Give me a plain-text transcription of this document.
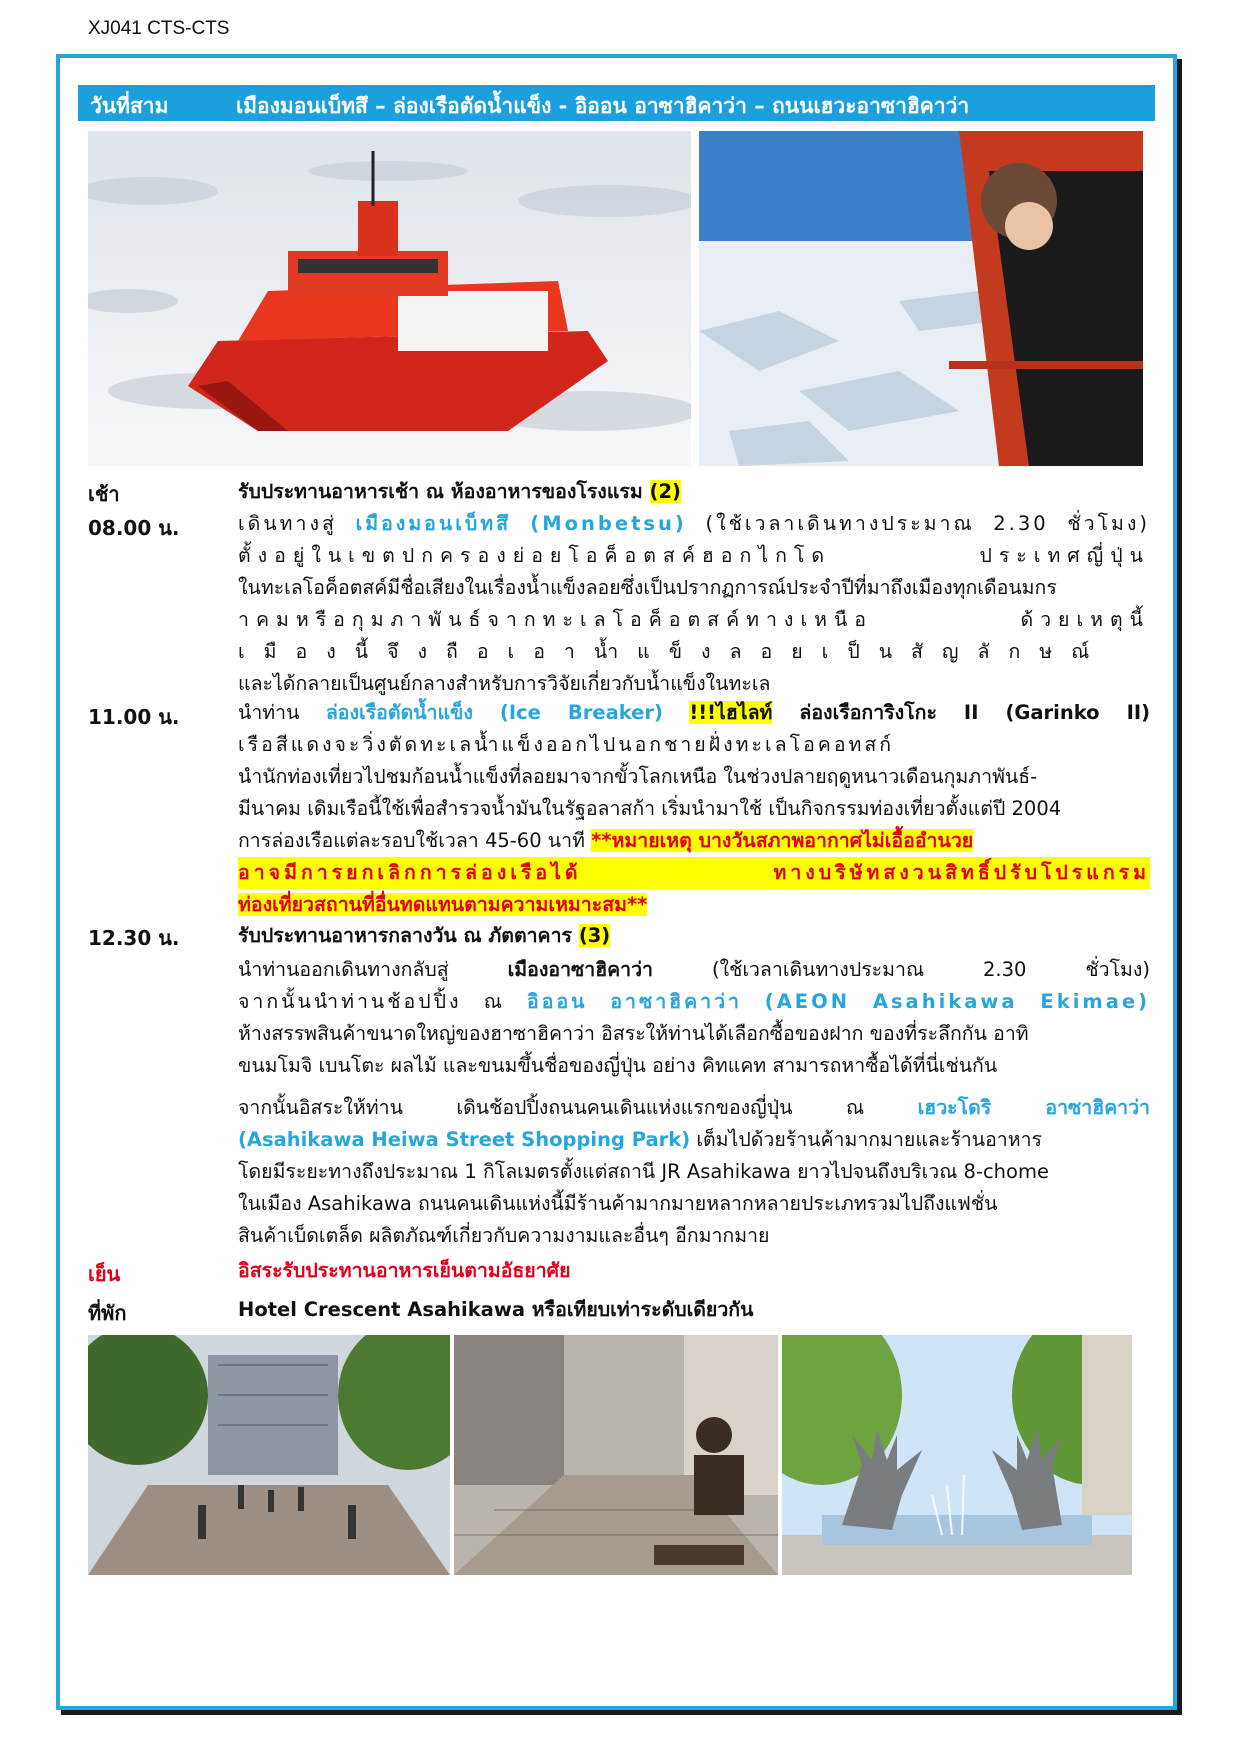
XJ041 CTS-CTS
วันที่สาม	เมืองมอนเบ็ทสึ – ล่องเรือตัดน้ำแข็ง - อิออน อาซาฮิคาว่า – ถนนเฮวะอาซาฮิคาว่า
เช้า	รับประทานอาหารเช้า ณ ห้องอาหารของโรงแรม (2)
08.00 น.	เดินทางสู่ เมืองมอนเบ็ทสึ (Monbetsu) (ใช้เวลาเดินทางประมาณ 2.30 ชั่วโมง)

ตั้งอยู่ในเขตปกครองย่อยโอค็อตสค์ฮอกไกโด ประเทศญี่ปุ่น

ในทะเลโอค็อตสค์มีชื่อเสียงในเรื่องน้ำแข็งลอยซึ่งเป็นปรากฏการณ์ประจำปีที่มาถึงเมืองทุกเดือนมกร

าคมหรือกุมภาพันธ์จากทะเลโอค็อตสค์ทางเหนือ ด้วยเหตุนี้

เมืองนี้จึงถือเอาน้ำแข็งลอยเป็นสัญลักษณ์

และได้กลายเป็นศูนย์กลางสำหรับการวิจัยเกี่ยวกับน้ำแข็งในทะเล

11.00 น.	นำท่าน ล่องเรือตัดน้ำแข็ง (Ice Breaker) !!!ไฮไลท์ ล่องเรือการิงโกะ II (Garinko II)

เรือสีแดงจะวิ่งตัดทะเลน้ำแข็งออกไปนอกชายฝั่งทะเลโอคอทสก์

นำนักท่องเที่ยวไปชมก้อนน้ำแข็งที่ลอยมาจากขั้วโลกเหนือ ในช่วงปลายฤดูหนาวเดือนกุมภาพันธ์-

มีนาคม เดิมเรือนี้ใช้เพื่อสำรวจน้ำมันในรัฐอลาสก้า เริ่มนำมาใช้ เป็นกิจกรรมท่องเที่ยวตั้งแต่ปี 2004

การล่องเรือแต่ละรอบใช้เวลา 45-60 นาที **หมายเหตุ บางวันสภาพอากาศไม่เอื้ออำนวย

อาจมีการยกเลิกการล่องเรือได้ ทางบริษัทสงวนสิทธิ์ปรับโปรแกรม

ท่องเที่ยวสถานที่อื่นทดแทนตามความเหมาะสม**

12.30 น.	รับประทานอาหารกลางวัน ณ ภัตตาคาร (3)

นำท่านออกเดินทางกลับสู่ เมืองอาซาฮิคาว่า (ใช้เวลาเดินทางประมาณ 2.30 ชั่วโมง)

จากนั้นนำท่านช้อปปิ้ง ณ อิออน อาซาฮิคาว่า (AEON Asahikawa Ekimae)

ห้างสรรพสินค้าขนาดใหญ่ของฮาซาฮิคาว่า อิสระให้ท่านได้เลือกซื้อของฝาก ของที่ระลึกกัน อาทิ

ขนมโมจิ เบนโตะ ผลไม้ และขนมขึ้นชื่อของญี่ปุ่น อย่าง คิทแคท สามารถหาซื้อได้ที่นี่เช่นกัน

จากนั้นอิสระให้ท่าน เดินช้อปปิ้งถนนคนเดินแห่งแรกของญี่ปุ่น ณ เฮวะโดริ อาซาฮิคาว่า

(Asahikawa Heiwa Street Shopping Park) เต็มไปด้วยร้านค้ามากมายและร้านอาหาร

โดยมีระยะทางถึงประมาณ 1 กิโลเมตรตั้งแต่สถานี JR Asahikawa ยาวไปจนถึงบริเวณ 8-chome

ในเมือง Asahikawa ถนนคนเดินแห่งนี้มีร้านค้ามากมายหลากหลายประเภทรวมไปถึงแฟชั่น

สินค้าเบ็ดเตล็ด ผลิตภัณฑ์เกี่ยวกับความงามและอื่นๆ อีกมากมาย

เย็น	อิสระรับประทานอาหารเย็นตามอัธยาศัย
ที่พัก	Hotel Crescent Asahikawa หรือเทียบเท่าระดับเดียวกัน
